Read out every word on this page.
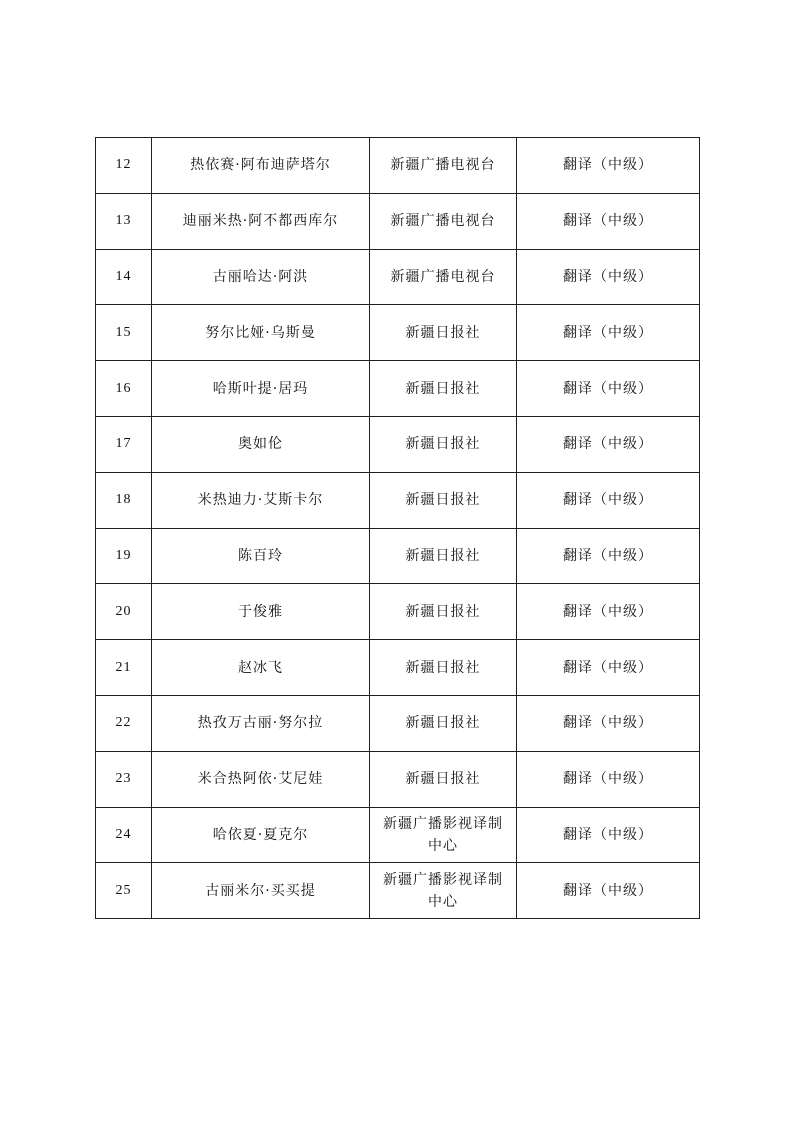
12	热依赛·阿布迪萨塔尔	新疆广播电视台	翻译（中级）
13	迪丽米热·阿不都西库尔	新疆广播电视台	翻译（中级）
14	古丽哈达·阿洪	新疆广播电视台	翻译（中级）
15	努尔比娅·乌斯曼	新疆日报社	翻译（中级）
16	哈斯叶提·居玛	新疆日报社	翻译（中级）
17	奥如伦	新疆日报社	翻译（中级）
18	米热迪力·艾斯卡尔	新疆日报社	翻译（中级）
19	陈百玲	新疆日报社	翻译（中级）
20	于俊雅	新疆日报社	翻译（中级）
21	赵冰飞	新疆日报社	翻译（中级）
22	热孜万古丽·努尔拉	新疆日报社	翻译（中级）
23	米合热阿依·艾尼娃	新疆日报社	翻译（中级）
24	哈依夏·夏克尔	新疆广播影视译制中心	翻译（中级）
25	古丽米尔·买买提	新疆广播影视译制中心	翻译（中级）
